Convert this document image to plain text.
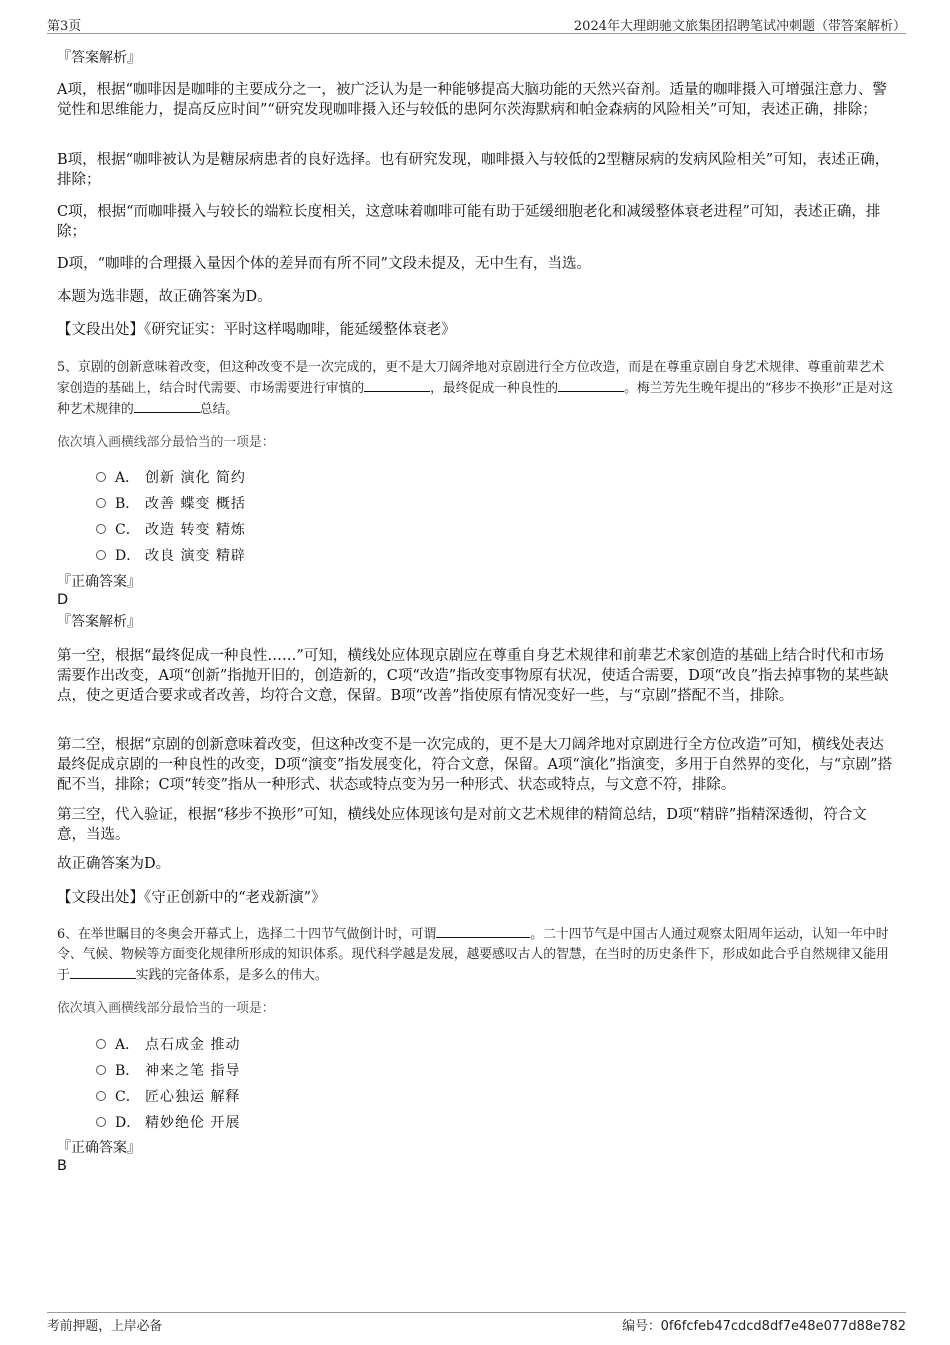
第3页	2024年大理朗驰文旅集团招聘笔试冲刺题（带答案解析）
『答案解析』

A项，根据“咖啡因是咖啡的主要成分之一，被广泛认为是一种能够提高大脑功能的天然兴奋剂。适量的咖啡摄入可增强注意力、警觉性和思维能力，提高反应时间”“研究发现咖啡摄入还与较低的患阿尔茨海默病和帕金森病的风险相关”可知，表述正确，排除；

B项，根据“咖啡被认为是糖尿病患者的良好选择。也有研究发现，咖啡摄入与较低的2型糖尿病的发病风险相关”可知，表述正确，排除；

C项，根据“而咖啡摄入与较长的端粒长度相关，这意味着咖啡可能有助于延缓细胞老化和减缓整体衰老进程”可知，表述正确，排除；

D项，“咖啡的合理摄入量因个体的差异而有所不同”文段未提及，无中生有，当选。

本题为选非题，故正确答案为D。

【文段出处】《研究证实：平时这样喝咖啡，能延缓整体衰老》

5、京剧的创新意味着改变，但这种改变不是一次完成的，更不是大刀阔斧地对京剧进行全方位改造，而是在尊重京剧自身艺术规律、尊重前辈艺术家创造的基础上，结合时代需要、市场需要进行审慎的	，最终促成一种良性的	。梅兰芳先生晚年提出的“移步不换形”正是对这种艺术规律的	总结。

依次填入画横线部分最恰当的一项是：
『正确答案』
D
『答案解析』

第一空，根据“最终促成一种良性……”可知，横线处应体现京剧应在尊重自身艺术规律和前辈艺术家创造的基础上结合时代和市场需要作出改变，A项“创新”指抛开旧的，创造新的，C项“改造”指改变事物原有状况，使适合需要，D项“改良”指去掉事物的某些缺点，使之更适合要求或者改善，均符合文意，保留。B项“改善”指使原有情况变好一些，与“京剧”搭配不当，排除。

第二空，根据“京剧的创新意味着改变，但这种改变不是一次完成的，更不是大刀阔斧地对京剧进行全方位改造”可知，横线处表达最终促成京剧的一种良性的改变，D项“演变”指发展变化，符合文意，保留。A项“演化”指演变，多用于自然界的变化，与“京剧”搭配不当，排除；C项“转变”指从一种形式、状态或特点变为另一种形式、状态或特点，与文意不符，排除。

第三空，代入验证，根据“移步不换形”可知，横线处应体现该句是对前文艺术规律的精简总结，D项“精辟”指精深透彻，符合文意，当选。

故正确答案为D。

【文段出处】《守正创新中的“老戏新演”》

6、在举世瞩目的冬奥会开幕式上，选择二十四节气做倒计时，可谓	。二十四节气是中国古人通过观察太阳周年运动，认知一年中时令、气候、物候等方面变化规律所形成的知识体系。现代科学越是发展，越要感叹古人的智慧，在当时的历史条件下，形成如此合乎自然规律又能用于	实践的完备体系，是多么的伟大。

依次填入画横线部分最恰当的一项是：
『正确答案』
B
A． 创新 演化 简约
B． 改善 蝶变 概括
C． 改造 转变 精炼
D． 改良 演变 精辟
A． 点石成金 推动
B． 神来之笔 指导
C． 匠心独运 解释
D． 精妙绝伦 开展
考前押题，上岸必备	编号：0f6fcfeb47cdcd8df7e48e077d88e782
